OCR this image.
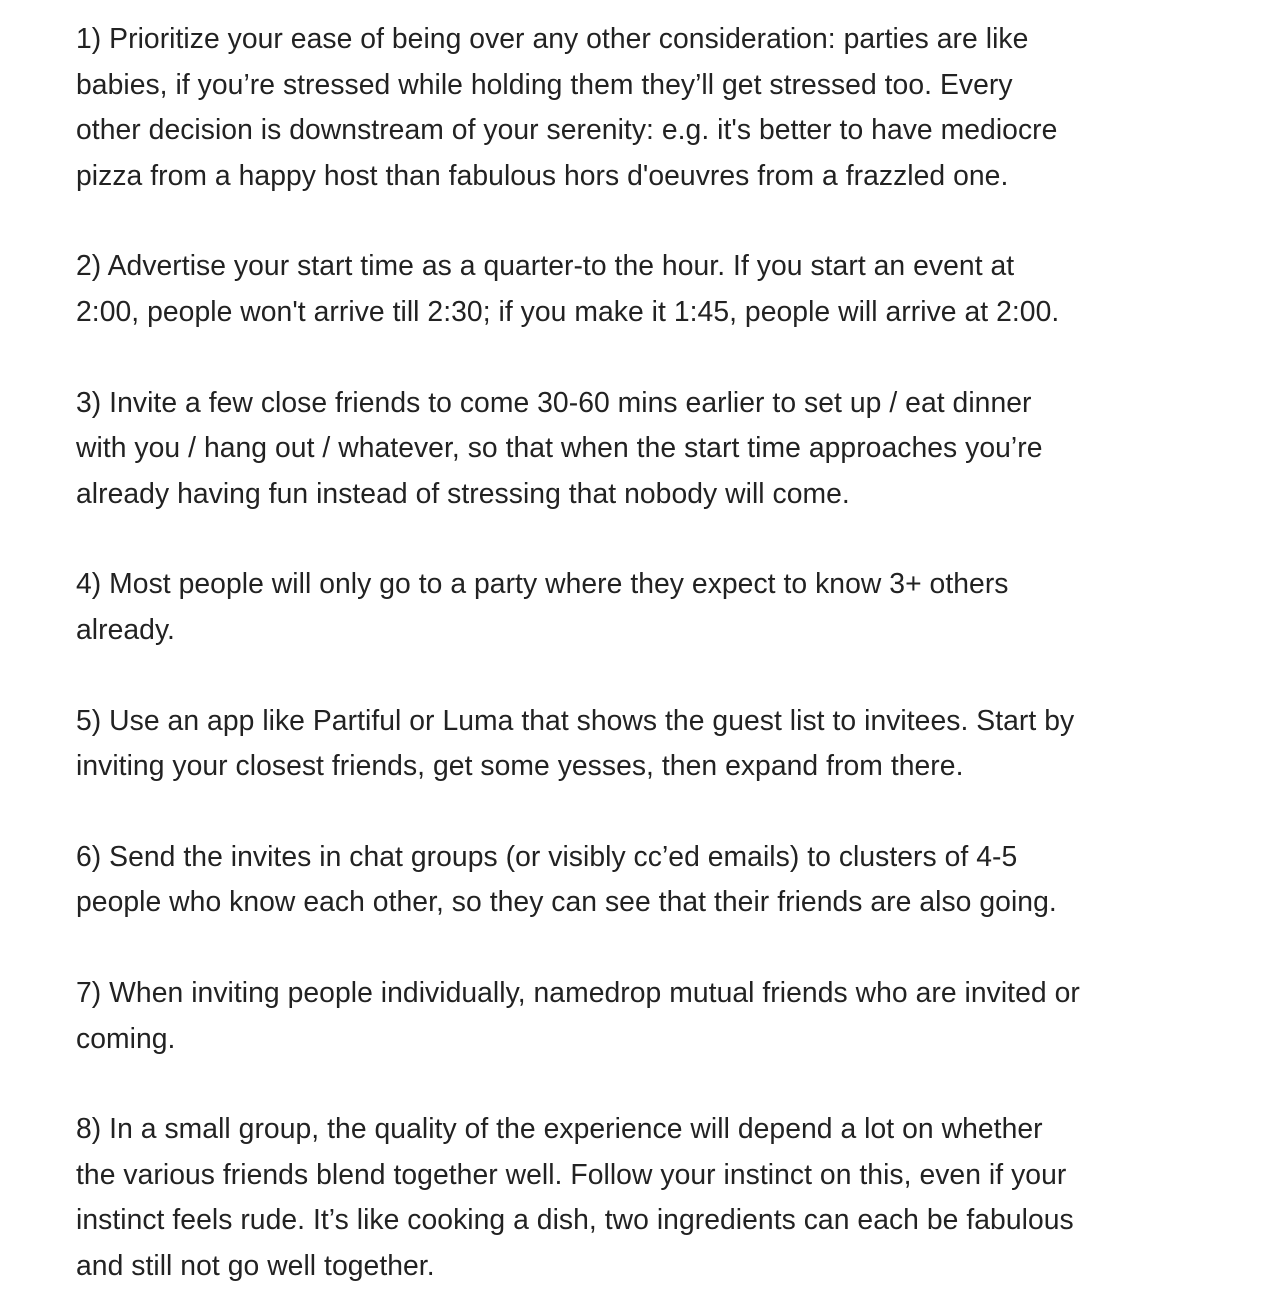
1) Prioritize your ease of being over any other consideration: parties are like
babies, if you’re stressed while holding them they’ll get stressed too. Every
other decision is downstream of your serenity: e.g. it's better to have mediocre
pizza from a happy host than fabulous hors d'oeuvres from a frazzled one.

2) Advertise your start time as a quarter-to the hour. If you start an event at
2:00, people won't arrive till 2:30; if you make it 1:45, people will arrive at 2:00.

3) Invite a few close friends to come 30-60 mins earlier to set up / eat dinner
with you / hang out / whatever, so that when the start time approaches you’re
already having fun instead of stressing that nobody will come.

4) Most people will only go to a party where they expect to know 3+ others
already.

5) Use an app like Partiful or Luma that shows the guest list to invitees. Start by
inviting your closest friends, get some yesses, then expand from there.

6) Send the invites in chat groups (or visibly cc’ed emails) to clusters of 4-5
people who know each other, so they can see that their friends are also going.

7) When inviting people individually, namedrop mutual friends who are invited or
coming.

8) In a small group, the quality of the experience will depend a lot on whether
the various friends blend together well. Follow your instinct on this, even if your
instinct feels rude. It’s like cooking a dish, two ingredients can each be fabulous
and still not go well together.
